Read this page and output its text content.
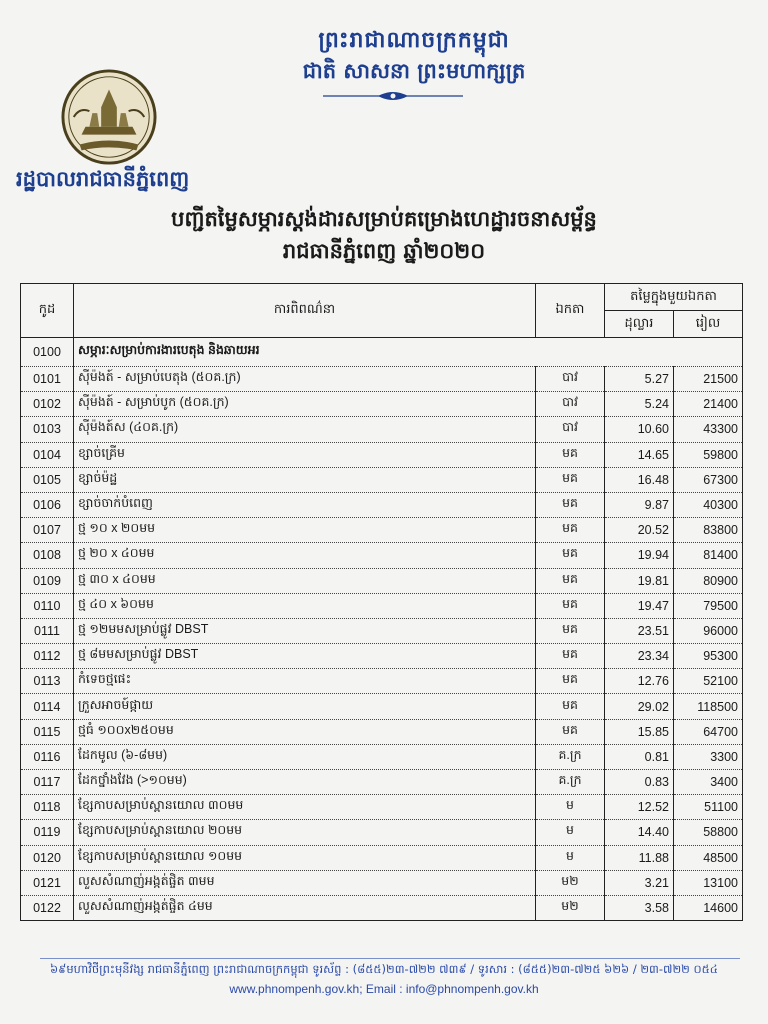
ព្រះរាជាណាចក្រកម្ពុជា
ជាតិ សាសនា ព្រះមហាក្សត្រ
រដ្ឋបាលរាជធានីភ្នំពេញ
បញ្ជីតម្លៃសម្ភារស្ដង់ដារសម្រាប់គម្រោងហេដ្ឋារចនាសម្ព័ន្ធ
រាជធានីភ្នំពេញ ឆ្នាំ២០២០
កូដ	ការពិពណ៌នា	ឯកតា	តម្លៃក្នុងមួយឯកតា	
			ដុល្លារ	រៀល
0100	សម្ភារៈសម្រាប់ការងារបេតុង និងឆាយអរ			
0101	ស៊ីម៉ងត៍ - សម្រាប់បេតុង (៥០គ.ក្រ)	បាវ	5.27	21500
0102	ស៊ីម៉ងត៍ - សម្រាប់បូក (៥០គ.ក្រ)	បាវ	5.24	21400
0103	ស៊ីម៉ងត៍ស (៤០គ.ក្រ)	បាវ	10.60	43300
0104	ខ្សាច់គ្រើម	មគ	14.65	59800
0105	ខ្សាច់ម៉ដ្ឋ	មគ	16.48	67300
0106	ខ្សាច់ចាក់បំពេញ	មគ	9.87	40300
0107	ថ្ម ១០ x ២០មម	មគ	20.52	83800
0108	ថ្ម ២០ x ៤០មម	មគ	19.94	81400
0109	ថ្ម ៣០ x ៤០មម	មគ	19.81	80900
0110	ថ្ម ៤០ x ៦០មម	មគ	19.47	79500
0111	ថ្ម ១២មមសម្រាប់ផ្លូវ DBST	មគ	23.51	96000
0112	ថ្ម ៨មមសម្រាប់ផ្លូវ DBST	មគ	23.34	95300
0113	កំទេចថ្មផេះ	មគ	12.76	52100
0114	ក្រួសអាចម៍ផ្កាយ	មគ	29.02	118500
0115	ថ្មធំ ១០០x២៥០មម	មគ	15.85	64700
0116	ដែកមូល (៦-៨មម)	គ.ក្រ	0.81	3300
0117	ដែកថ្នាំងវែង (>១០មម)	គ.ក្រ	0.83	3400
0118	ខ្សែកាបសម្រាប់ស្ពានយោល ៣០មម	ម	12.52	51100
0119	ខ្សែកាបសម្រាប់ស្ពានយោល ២០មម	ម	14.40	58800
0120	ខ្សែកាបសម្រាប់ស្ពានយោល ១០មម	ម	11.88	48500
0121	លួសសំណាញ់អង្កត់ផ្ចិត ៣មម	ម២	3.21	13100
0122	លួសសំណាញ់អង្កត់ផ្ចិត ៤មម	ម២	3.58	14600
៦៩មហាវិថីព្រះមុនីវង្ស រាជធានីភ្នំពេញ ព្រះរាជាណាចក្រកម្ពុជា ទូរស័ព្ទ : (៨៥៥)២៣-៧២២ ៧៣៩ / ទូរសារ : (៨៥៥)២៣-៧២៥ ៦២៦ / ២៣-៧២២ ០៥៤
www.phnompenh.gov.kh; Email : info@phnompenh.gov.kh
